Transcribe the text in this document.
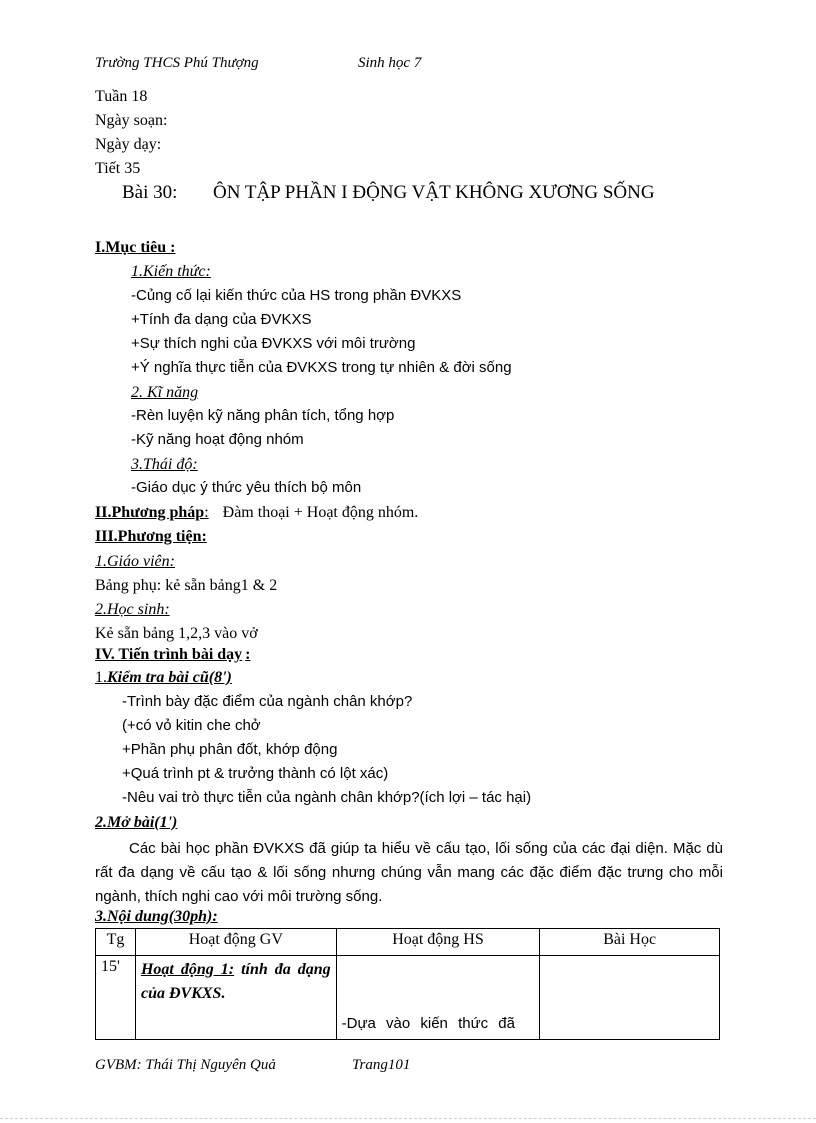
Trường THCS Phú Thượng	Sinh học 7
Tuần 18
Ngày soạn:
Ngày dạy:
Tiết 35
Bài 30: ÔN TẬP PHẦN I ĐỘNG VẬT KHÔNG XƯƠNG SỐNG
I.Mục tiêu :
1.Kiến thức:
-Củng cố lại kiến thức của HS trong phần ĐVKXS
+Tính đa dạng của ĐVKXS
+Sự thích nghi của ĐVKXS với môi trường
+Ý nghĩa thực tiễn của ĐVKXS trong tự nhiên & đời sống
2. Kĩ năng
-Rèn luyện kỹ năng phân tích, tổng hợp
-Kỹ năng hoạt động nhóm
3.Thái độ:
-Giáo dục ý thức yêu thích bộ môn
II.Phương pháp: Đàm thoại + Hoạt động nhóm.
III.Phương tiện:
1.Giáo viên:
Bảng phụ: kẻ sẵn bảng1 & 2
2.Học sinh:
Kẻ sẵn bảng 1,2,3 vào vở
IV. Tiến trình bài dạy :
1.Kiểm tra bài cũ(8')
-Trình bày đặc điểm của ngành chân khớp?
(+có vỏ kitin che chở
+Phần phụ phân đốt, khớp động
+Quá trình pt & trưởng thành có lột xác)
-Nêu vai trò thực tiễn của ngành chân khớp?(ích lợi – tác hại)
2.Mở bài(1')
Các bài học phần ĐVKXS đã giúp ta hiểu về cấu tạo, lối sống của các đại diện. Mặc dù rất đa dạng về cấu tạo & lối sống nhưng chúng vẫn mang các đặc điểm đặc trưng cho mỗi ngành, thích nghi cao với môi trường sống.
3.Nội dung(30ph):
Tg	Hoạt động GV	Hoạt động HS	Bài Học
15'	Hoạt động 1: tính đa dạng của ĐVKXS.	-Dựa vào kiến thức đã	
GVBM: Thái Thị Nguyên Quả	Trang101
